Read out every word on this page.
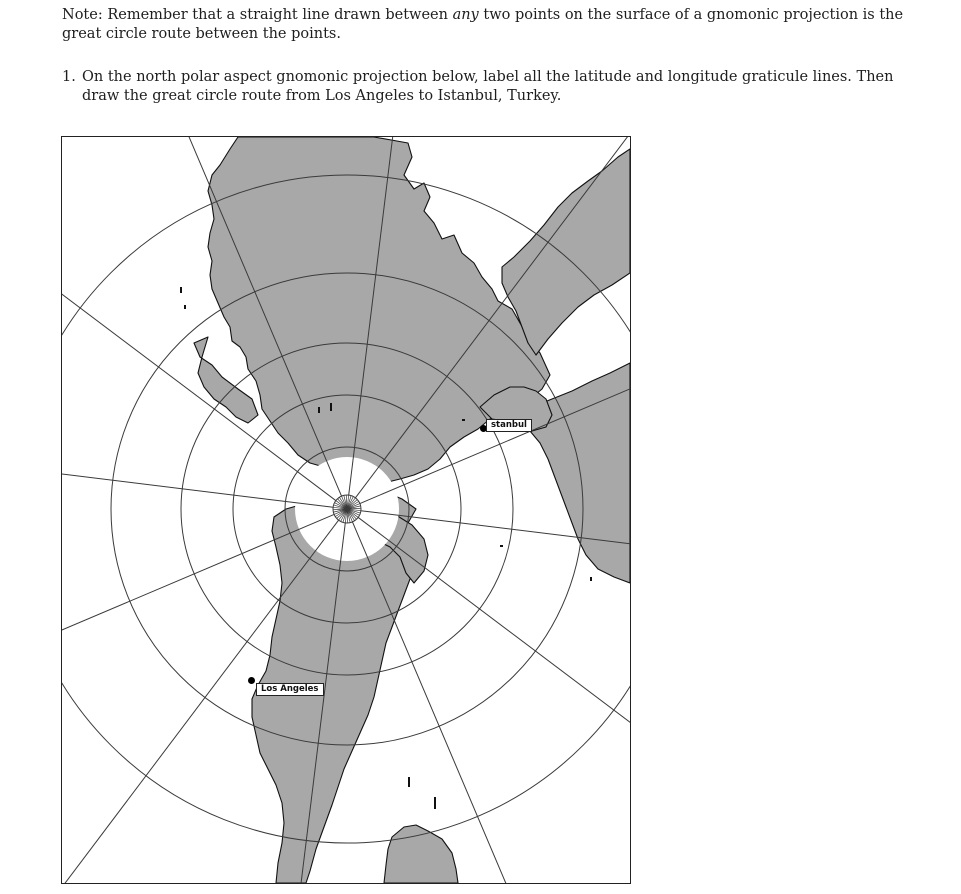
Note: Remember that a straight line drawn between any two points on the surface of a gnomonic projection is the great circle route between the points.
1. On the north polar aspect gnomonic projection below, label all the latitude and longitude graticule lines. Then draw the great circle route from Los Angeles to Istanbul, Turkey.
stanbul
Los Angeles
